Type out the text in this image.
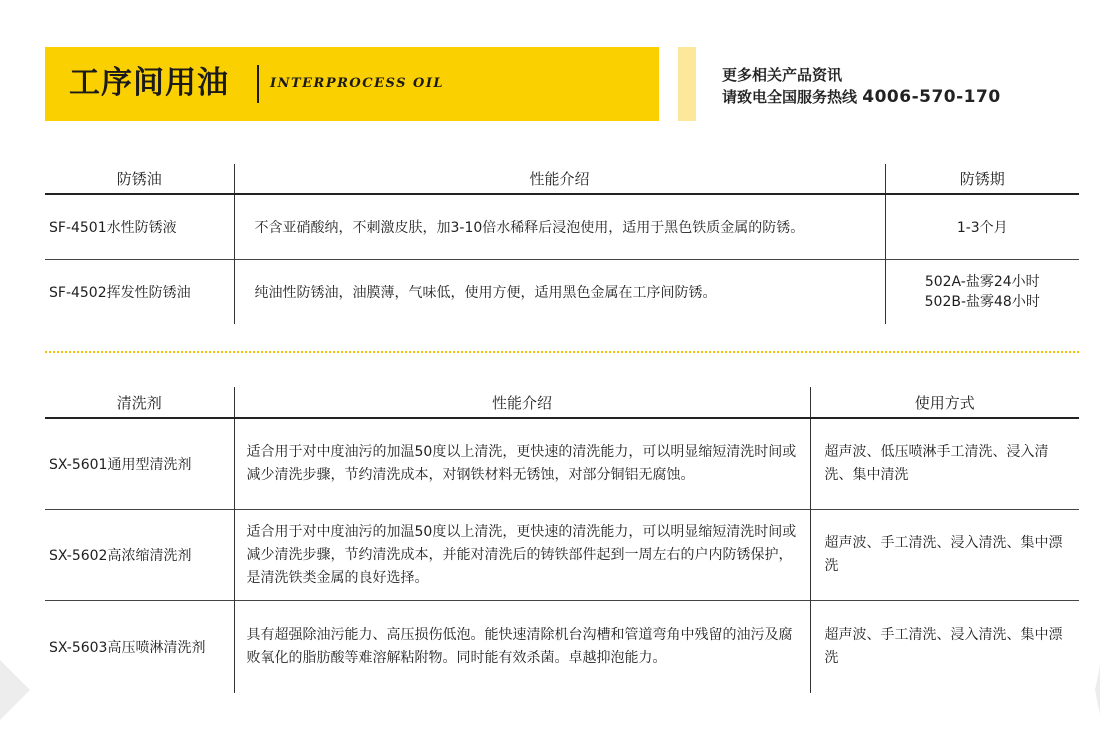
工序间用油	INTERPROCESS OIL	更多相关产品资讯
请致电全国服务热线 4006-570-170
防锈油	性能介绍	防锈期
SF-4501水性防锈液	不含亚硝酸纳，不刺激皮肤，加3-10倍水稀释后浸泡使用，适用于黑色铁质金属的防锈。	1-3个月
SF-4502挥发性防锈油	纯油性防锈油，油膜薄，气味低，使用方便，适用黑色金属在工序间防锈。	502A-盐雾24小时
502B-盐雾48小时
清洗剂	性能介绍	使用方式
SX-5601通用型清洗剂	适合用于对中度油污的加温50度以上清洗，更快速的清洗能力，可以明显缩短清洗时间或减少清洗步骤，节约清洗成本，对钢铁材料无锈蚀，对部分铜铝无腐蚀。	超声波、低压喷淋手工清洗、浸入清洗、集中清洗
SX-5602高浓缩清洗剂	适合用于对中度油污的加温50度以上清洗，更快速的清洗能力，可以明显缩短清洗时间或减少清洗步骤，节约清洗成本，并能对清洗后的铸铁部件起到一周左右的户内防锈保护，是清洗铁类金属的良好选择。	超声波、手工清洗、浸入清洗、集中漂洗
SX-5603高压喷淋清洗剂	具有超强除油污能力、高压损伤低泡。能快速清除机台沟槽和管道弯角中残留的油污及腐败氧化的脂肪酸等难溶解粘附物。同时能有效杀菌。卓越抑泡能力。	超声波、手工清洗、浸入清洗、集中漂洗
